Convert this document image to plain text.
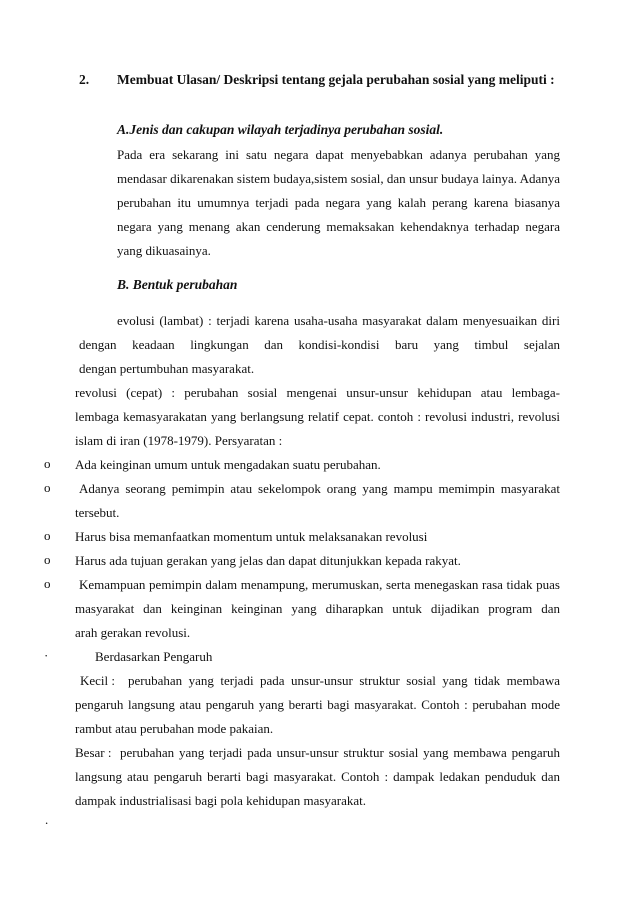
2. Membuat Ulasan/ Deskripsi tentang gejala perubahan sosial yang meliputi :
A.Jenis dan cakupan wilayah terjadinya perubahan sosial.
Pada era sekarang ini satu negara dapat menyebabkan adanya perubahan yang
mendasar dikarenakan sistem budaya,sistem sosial, dan unsur budaya lainya. Adanya
perubahan itu umumnya terjadi pada negara yang kalah perang karena biasanya
negara yang menang akan cenderung memaksakan kehendaknya terhadap negara
yang dikuasainya.
B. Bentuk perubahan
evolusi (lambat) : terjadi karena usaha-usaha masyarakat dalam menyesuaikan diri
dengan keadaan lingkungan dan kondisi-kondisi baru yang timbul sejalan
dengan pertumbuhan masyarakat.
revolusi (cepat) : perubahan sosial mengenai unsur-unsur kehidupan atau lembaga-
lembaga kemasyarakatan yang berlangsung relatif cepat. contoh : revolusi industri, revolusi
islam di iran (1978-1979). Persyaratan :
o Ada keinginan umum untuk mengadakan suatu perubahan.
o Adanya seorang pemimpin atau sekelompok orang yang mampu memimpin masyarakat
tersebut.
o Harus bisa memanfaatkan momentum untuk melaksanakan revolusi
o Harus ada tujuan gerakan yang jelas dan dapat ditunjukkan kepada rakyat.
o Kemampuan pemimpin dalam menampung, merumuskan, serta menegaskan rasa tidak puas
masyarakat dan keinginan keinginan yang diharapkan untuk dijadikan program dan
arah gerakan revolusi.
·	Berdasarkan Pengaruh
Kecil : perubahan yang terjadi pada unsur-unsur struktur sosial yang tidak membawa
pengaruh langsung atau pengaruh yang berarti bagi masyarakat. Contoh : perubahan mode
rambut atau perubahan mode pakaian.
Besar : perubahan yang terjadi pada unsur-unsur struktur sosial yang membawa pengaruh
langsung atau pengaruh berarti bagi masyarakat. Contoh : dampak ledakan penduduk dan
dampak industrialisasi bagi pola kehidupan masyarakat.
.
